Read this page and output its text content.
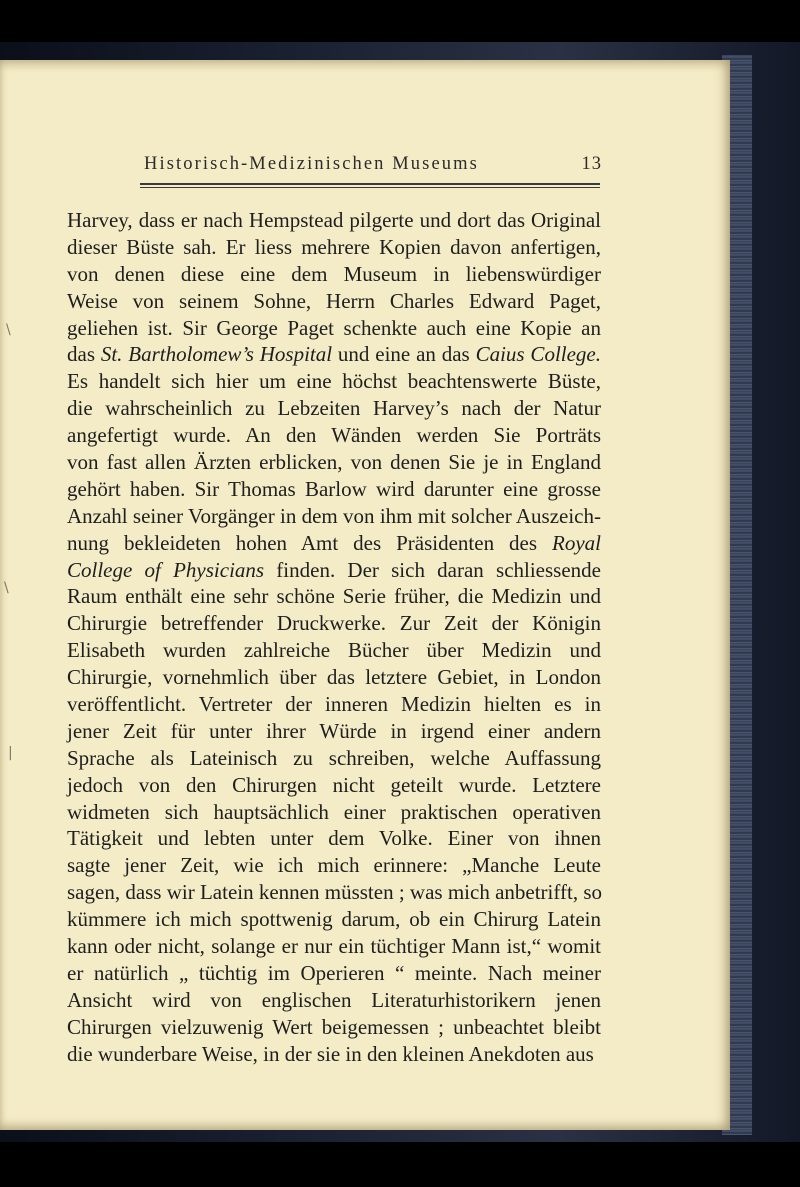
Historisch-Medizinischen Museums	13
\
\
|
Harvey, dass er nach Hempstead pilgerte und dort das Original
dieser Büste sah. Er liess mehrere Kopien davon anfertigen,
von denen diese eine dem Museum in liebenswürdiger
Weise von seinem Sohne, Herrn Charles Edward Paget,
geliehen ist. Sir George Paget schenkte auch eine Kopie an
das St. Bartholomew’s Hospital und eine an das Caius College.
Es handelt sich hier um eine höchst beachtenswerte Büste,
die wahrscheinlich zu Lebzeiten Harvey’s nach der Natur
angefertigt wurde. An den Wänden werden Sie Porträts
von fast allen Ärzten erblicken, von denen Sie je in England
gehört haben. Sir Thomas Barlow wird darunter eine grosse
Anzahl seiner Vorgänger in dem von ihm mit solcher Auszeich-
nung bekleideten hohen Amt des Präsidenten des Royal
College of Physicians finden. Der sich daran schliessende
Raum enthält eine sehr schöne Serie früher, die Medizin und
Chirurgie betreffender Druckwerke. Zur Zeit der Königin
Elisabeth wurden zahlreiche Bücher über Medizin und
Chirurgie, vornehmlich über das letztere Gebiet, in London
veröffentlicht. Vertreter der inneren Medizin hielten es in
jener Zeit für unter ihrer Würde in irgend einer andern
Sprache als Lateinisch zu schreiben, welche Auffassung
jedoch von den Chirurgen nicht geteilt wurde. Letztere
widmeten sich hauptsächlich einer praktischen operativen
Tätigkeit und lebten unter dem Volke. Einer von ihnen
sagte jener Zeit, wie ich mich erinnere: „Manche Leute
sagen, dass wir Latein kennen müssten ; was mich anbetrifft, so
kümmere ich mich spottwenig darum, ob ein Chirurg Latein
kann oder nicht, solange er nur ein tüchtiger Mann ist,“ womit
er natürlich „ tüchtig im Operieren “ meinte. Nach meiner
Ansicht wird von englischen Literaturhistorikern jenen
Chirurgen vielzuwenig Wert beigemessen ; unbeachtet bleibt
die wunderbare Weise, in der sie in den kleinen Anekdoten aus
